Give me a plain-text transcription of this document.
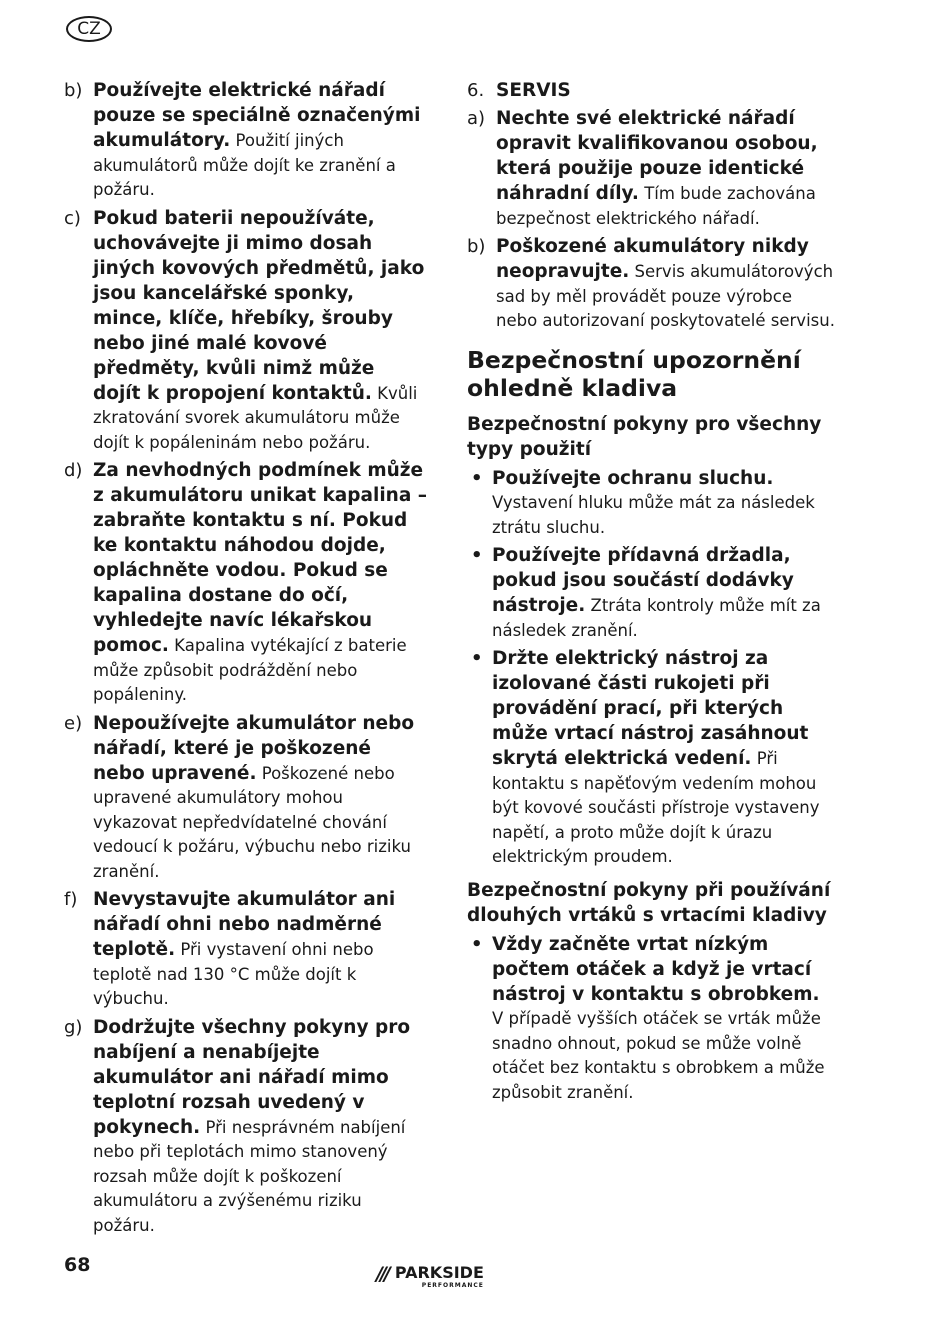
CZ
b) Používejte elektrické nářadí pouze se speciálně označenými akumulátory. Použití jiných akumulátorů může dojít ke zranění a požáru.

c) Pokud baterii nepoužíváte, uchovávejte ji mimo dosah jiných kovových předmětů, jako jsou kancelářské sponky, mince, klíče, hřebíky, šrouby nebo jiné malé kovové předměty, kvůli nimž může dojít k propojení kontaktů. Kvůli zkratování svorek akumulátoru může dojít k popáleninám nebo požáru.

d) Za nevhodných podmínek může z akumulátoru unikat kapalina – zabraňte kontaktu s ní. Pokud ke kontaktu náhodou dojde, opláchněte vodou. Pokud se kapalina dostane do očí, vyhledejte navíc lékařskou pomoc. Kapalina vytékající z baterie může způsobit podráždění nebo popáleniny.

e) Nepoužívejte akumulátor nebo nářadí, které je poškozené nebo upravené. Poškozené nebo upravené akumulátory mohou vykazovat nepředvídatelné chování vedoucí k požáru, výbuchu nebo riziku zranění.

f) Nevystavujte akumulátor ani nářadí ohni nebo nadměrné teplotě. Při vystavení ohni nebo teplotě nad 130 °C může dojít k výbuchu.

g) Dodržujte všechny pokyny pro nabíjení a nenabíjejte akumulátor ani nářadí mimo teplotní rozsah uvedený v pokynech. Při nesprávném nabíjení nebo při teplotách mimo stanovený rozsah může dojít k poškození akumulátoru a zvýšenému riziku požáru.

6. SERVIS
a) Nechte své elektrické nářadí opravit kvalifikovanou osobou, která použije pouze identické náhradní díly. Tím bude zachována bezpečnost elektrického nářadí.

b) Poškozené akumulátory nikdy neopravujte. Servis akumulátorových sad by měl provádět pouze výrobce nebo autorizovaní poskytovatelé servisu.

Bezpečnostní upozornění ohledně kladiva
Bezpečnostní pokyny pro všechny typy použití
• Používejte ochranu sluchu. Vystavení hluku může mát za následek ztrátu sluchu.

• Používejte přídavná držadla, pokud jsou součástí dodávky nástroje. Ztráta kontroly může mít za následek zranění.

• Držte elektrický nástroj za izolované části rukojeti při provádění prací, při kterých může vrtací nástroj zasáhnout skrytá elektrická vedení. Při kontaktu s napěťovým vedením mohou být kovové součásti přístroje vystaveny napětí, a proto může dojít k úrazu elektrickým proudem.

Bezpečnostní pokyny při používání dlouhých vrtáků s vrtacími kladivy
• Vždy začněte vrtat nízkým počtem otáček a když je vrtací nástroj v kontaktu s obrobkem. V případě vyšších otáček se vrták může snadno ohnout, pokud se může volně otáčet bez kontaktu s obrobkem a může způsobit zranění.

68	/// PARKSIDE
PERFORMANCE
